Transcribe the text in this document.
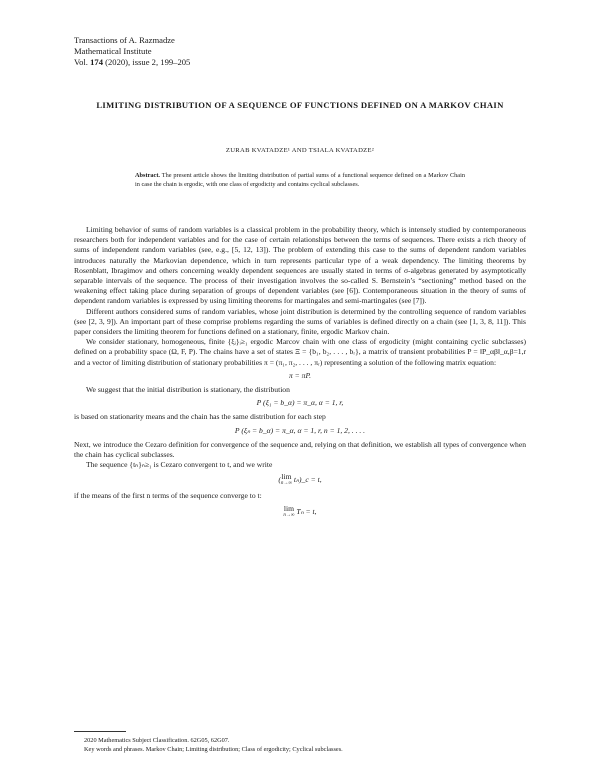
Transactions of A. Razmadze
Mathematical Institute
Vol. 174 (2020), issue 2, 199–205
LIMITING DISTRIBUTION OF A SEQUENCE OF FUNCTIONS DEFINED ON A MARKOV CHAIN
ZURAB KVATADZE¹ AND TSIALA KVATADZE²
Abstract. The present article shows the limiting distribution of partial sums of a functional sequence defined on a Markov Chain in case the chain is ergodic, with one class of ergodicity and contains cyclical subclasses.

Limiting behavior of sums of random variables is a classical problem in the probability theory, which is intensely studied by contemporaneous researchers both for independent variables and for the case of certain relationships between the terms of sequences. There exists a rich theory of sums of independent random variables (see, e.g., [5, 12, 13]). The problem of extending this case to the sums of dependent random variables introduces naturally the Markovian dependence, which in turn represents particular type of a weak dependency. The limiting theorems by Rosenblatt, Ibragimov and others concerning weakly dependent sequences are usually stated in terms of σ-algebras generated by asymptotically separable intervals of the sequence. The process of their investigation involves the so-called S. Bernstein’s “sectioning” method based on the weakening effect taking place during separation of groups of dependent variables (see [6]). Contemporaneous situation in the theory of sums of dependent random variables is expressed by using limiting theorems for martingales and semi-martingales (see [7]).

Different authors considered sums of random variables, whose joint distribution is determined by the controlling sequence of random variables (see [2, 3, 9]). An important part of these comprise problems regarding the sums of variables is defined directly on a chain (see [1, 3, 8, 11]). This paper considers the limiting theorem for functions defined on a stationary, finite, ergodic Markov chain.

We consider stationary, homogeneous, finite {ξᵢ}ᵢ≥₁ ergodic Marcov chain with one class of ergodicity (might containing cyclic subclasses) defined on a probability space (Ω, F, P). The chains have a set of states Ξ = {b₁, b₂, . . . , bᵣ}, a matrix of transient probabilities P = ‖P_αβ‖_α,β=1,r and a vector of limiting distribution of stationary probabilities π = (π₁, π₂, . . . , πᵣ) representing a solution of the following matrix equation:

π = πP.

We suggest that the initial distribution is stationary, the distribution

P (ξ₁ = b_α) = π_α, α = 1, r,

is based on stationarity means and the chain has the same distribution for each step

P (ξₙ = b_α) = π_α, α = 1, r, n = 1, 2, . . . .

Next, we introduce the Cezaro definition for convergence of the sequence and, relying on that definition, we establish all types of convergence when the chain has cyclical subclasses.

The sequence {tₙ}ₙ≥₁ is Cezaro convergent to t, and we write

( lim
n→∞ tₙ)_c = t,

if the means of the first n terms of the sequence converge to t:

lim
n→∞ Tₙ = t,
2020 Mathematics Subject Classification. 62G05, 62G07.
Key words and phrases. Markov Chain; Limiting distribution; Class of ergodicity; Cyclical subclasses.
